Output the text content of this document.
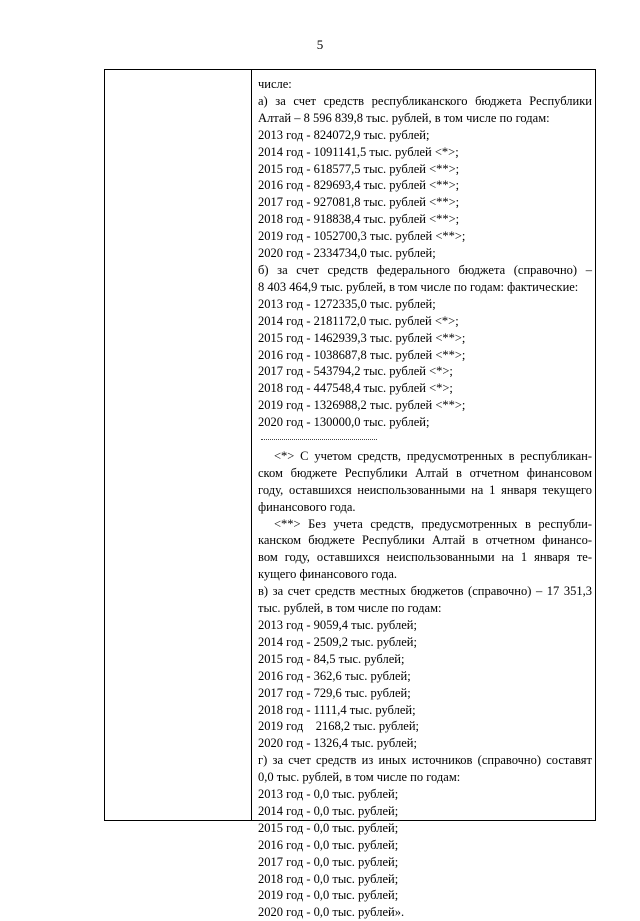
5
числе:
а) за счет средств республиканского бюджета Республики
Алтай – 8 596 839,8 тыс. рублей, в том числе по годам:
2013 год - 824072,9 тыс. рублей;
2014 год - 1091141,5 тыс. рублей <*>;
2015 год - 618577,5 тыс. рублей <**>;
2016 год - 829693,4 тыс. рублей <**>;
2017 год - 927081,8 тыс. рублей <**>;
2018 год - 918838,4 тыс. рублей <**>;
2019 год - 1052700,3 тыс. рублей <**>;
2020 год - 2334734,0 тыс. рублей;
б) за счет средств федерального бюджета (справочно) –
8 403 464,9 тыс. рублей, в том числе по годам: фактические:
2013 год - 1272335,0 тыс. рублей;
2014 год - 2181172,0 тыс. рублей <*>;
2015 год - 1462939,3 тыс. рублей <**>;
2016 год - 1038687,8 тыс. рублей <**>;
2017 год - 543794,2 тыс. рублей <*>;
2018 год - 447548,4 тыс. рублей <*>;
2019 год - 1326988,2 тыс. рублей <**>;
2020 год - 130000,0 тыс. рублей;
<*> С учетом средств, предусмотренных в республикан-
ском бюджете Республики Алтай в отчетном финансовом
году, оставшихся неиспользованными на 1 января текущего
финансового года.
<**> Без учета средств, предусмотренных в республи-
канском бюджете Республики Алтай в отчетном финансо-
вом году, оставшихся неиспользованными на 1 января те-
кущего финансового года.
в) за счет средств местных бюджетов (справочно) – 17 351,3
тыс. рублей, в том числе по годам:
2013 год - 9059,4 тыс. рублей;
2014 год - 2509,2 тыс. рублей;
2015 год - 84,5 тыс. рублей;
2016 год - 362,6 тыс. рублей;
2017 год - 729,6 тыс. рублей;
2018 год - 1111,4 тыс. рублей;
2019 год    2168,2 тыс. рублей;
2020 год - 1326,4 тыс. рублей;
г) за счет средств из иных источников (справочно) составят
0,0 тыс. рублей, в том числе по годам:
2013 год - 0,0 тыс. рублей;
2014 год - 0,0 тыс. рублей;
2015 год - 0,0 тыс. рублей;
2016 год - 0,0 тыс. рублей;
2017 год - 0,0 тыс. рублей;
2018 год - 0,0 тыс. рублей;
2019 год - 0,0 тыс. рублей;
2020 год - 0,0 тыс. рублей».
